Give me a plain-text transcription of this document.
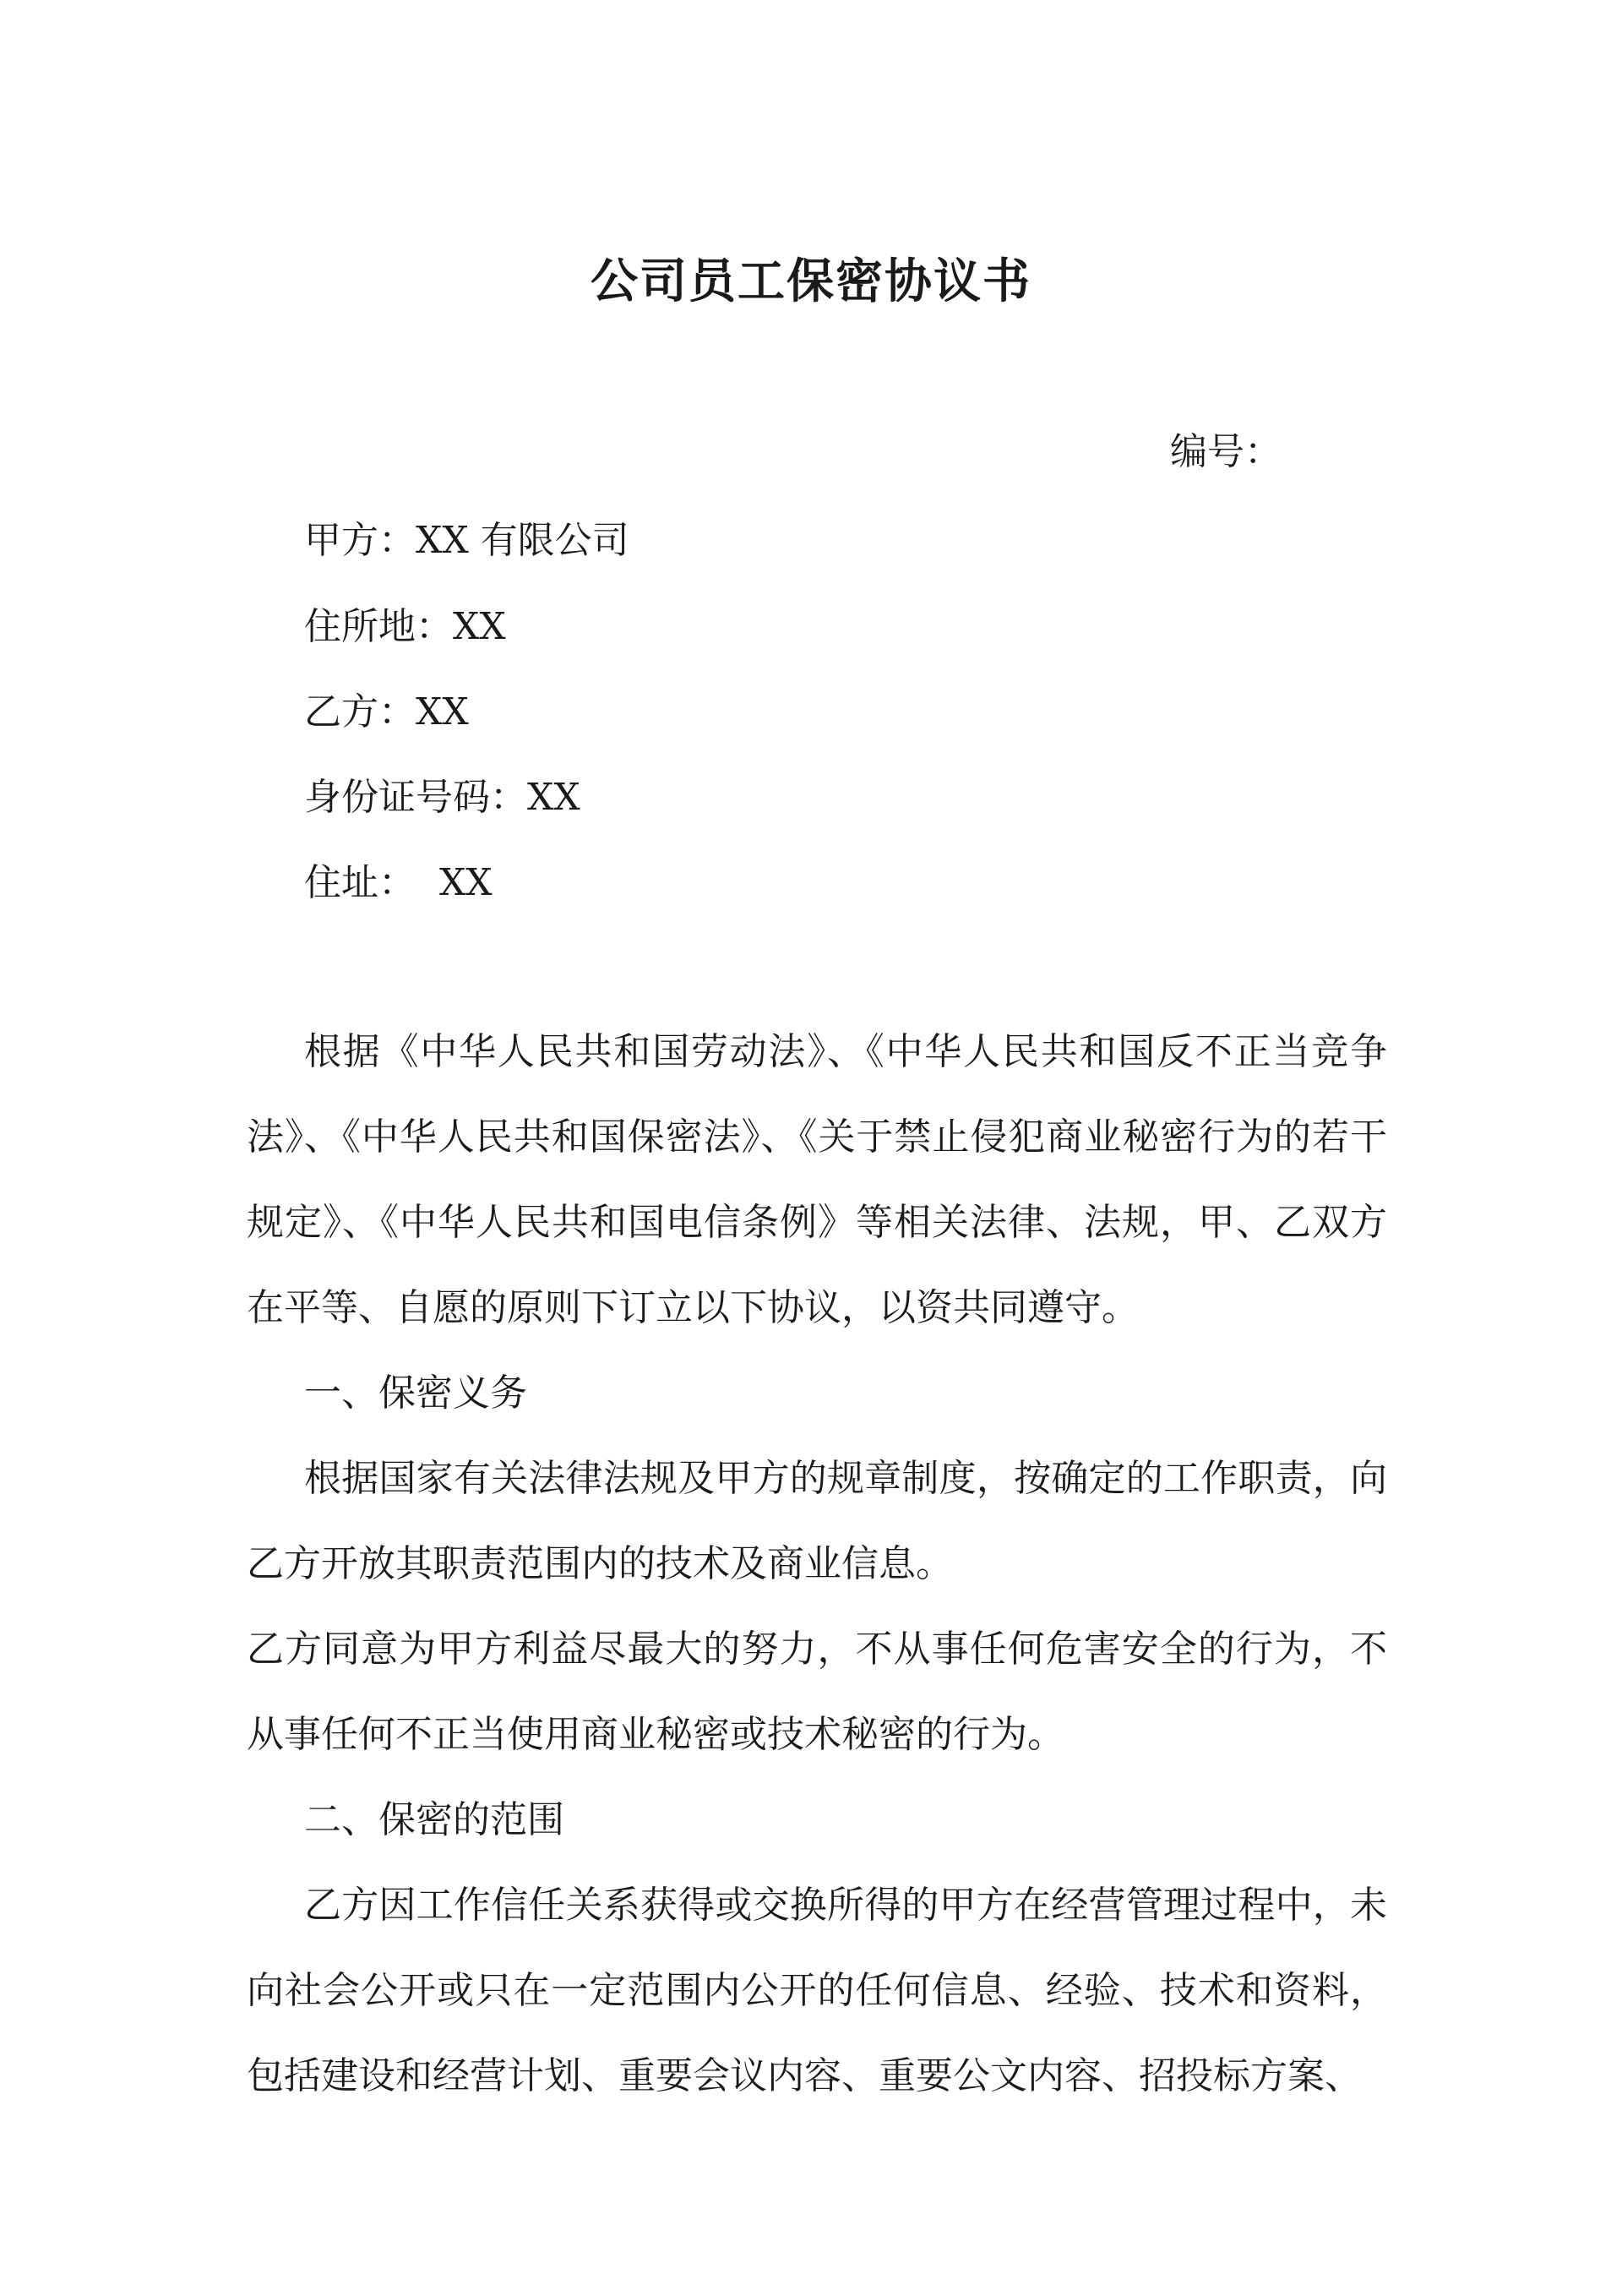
公司员工保密协议书
编号：
甲方：XX 有限公司
住所地：XX
乙方：XX
身份证号码：XX
住址：  XX

根据《中华人民共和国劳动法》、《中华人民共和国反不正当竞争法》、《中华人民共和国保密法》、《关于禁止侵犯商业秘密行为的若干规定》、《中华人民共和国电信条例》等相关法律、法规，甲、乙双方在平等、自愿的原则下订立以下协议，以资共同遵守。

一、保密义务

根据国家有关法律法规及甲方的规章制度，按确定的工作职责，向乙方开放其职责范围内的技术及商业信息。

乙方同意为甲方利益尽最大的努力，不从事任何危害安全的行为，不从事任何不正当使用商业秘密或技术秘密的行为。

二、保密的范围

乙方因工作信任关系获得或交换所得的甲方在经营管理过程中，未向社会公开或只在一定范围内公开的任何信息、经验、技术和资料，包括建设和经营计划、重要会议内容、重要公文内容、招投标方案、
